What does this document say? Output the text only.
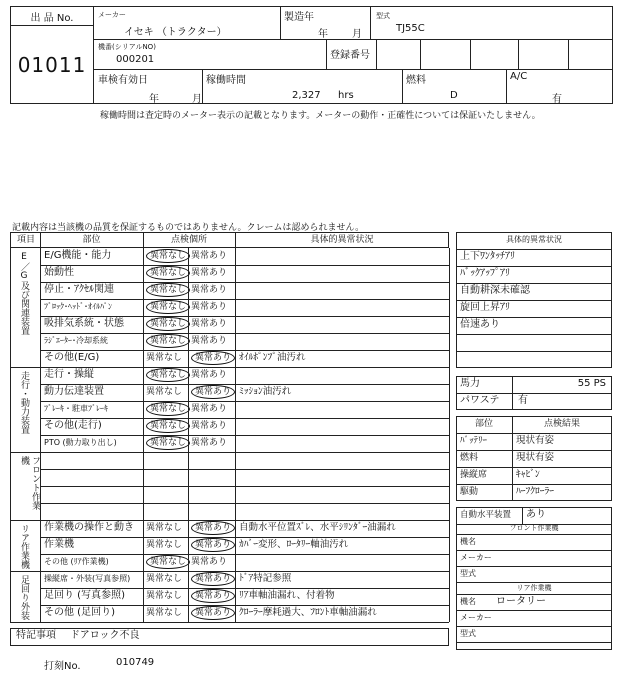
出 品 No.
01011
メーカー
イセキ （トラクター）
製造年
年 月
型式
TJ55C
機番(シリアルNO)
000201	登録番号
車検有効日
年	月
稼働時間
2,327 hrs
燃料
D
A/C
有
稼働時間は査定時のメーター表示の記載となります。メーターの動作・正確性については保証いたしません。
記載内容は当該機の品質を保証するものではありません。クレームは認められません。
項目	部位	点検個所	具体的異常状況
E/G機能・能力	異常なし 異常あり
始動性	異常なし 異常あり
停止・ｱｸｾﾙ関連	異常なし 異常あり
ﾌﾞﾛｯｸ･ﾍｯﾄﾞ･ｵｲﾙﾊﾟﾝ	異常なし 異常あり
吸排気系統・状態	異常なし 異常あり
ﾗｼﾞｴｰﾀｰ･冷却系統	異常なし 異常あり
その他(E/G)	異常なし	異常あり ｵｲﾙﾎﾟﾝﾌﾟ油汚れ
E／G及び関連装置
走行・操縦	異常なし 異常あり
動力伝達装置	異常なし	異常あり ﾐｯｼｮﾝ油汚れ
ﾌﾞﾚｰｷ・駐車ﾌﾞﾚｰｷ	異常なし 異常あり
その他(走行)	異常なし 異常あり
PTO (動力取り出し)	異常なし 異常あり
走行・動力装置
フロント作業機
作業機の操作と動き 異常なし	異常あり 自動水平位置ｽﾞﾚ、水平ｼﾘﾝﾀﾞｰ油漏れ
作業機	異常なし	異常あり ｶﾊﾞｰ変形、ﾛｰﾀﾘｰ軸油汚れ
その他 (ﾘｱ作業機)	異常なし 異常あり
リア作業機
操縦席・外装(写真参照) 異常なし	異常あり ﾄﾞｱ特記参照
足回り (写真参照) 異常なし	異常あり ﾘｱ車軸油漏れ、付着物
その他 (足回り)	異常なし	異常あり ｸﾛｰﾗｰ摩耗過大、ﾌﾛﾝﾄ車軸油漏れ
足回り外装
特記事項 ドアロック不良
具体的異常状況
上下ﾜﾝﾀｯﾁｱﾘ
ﾊﾞｯｸｱｯﾌﾟｱﾘ
自動耕深未確認
旋回上昇ｱﾘ
倍速あり
馬力	55 PS
パワステ 有
部位	点検結果
ﾊﾞｯﾃﾘｰ	現状有姿
燃料	現状有姿
操縦席	ｷｬﾋﾞﾝ
駆動	ﾊｰﾌｸﾛｰﾗｰ
自動水平装置 あり
フロント作業機
機名
メーカー
型式
リア作業機
機名 ロータリー
メーカー
型式
打刻No.	010749
